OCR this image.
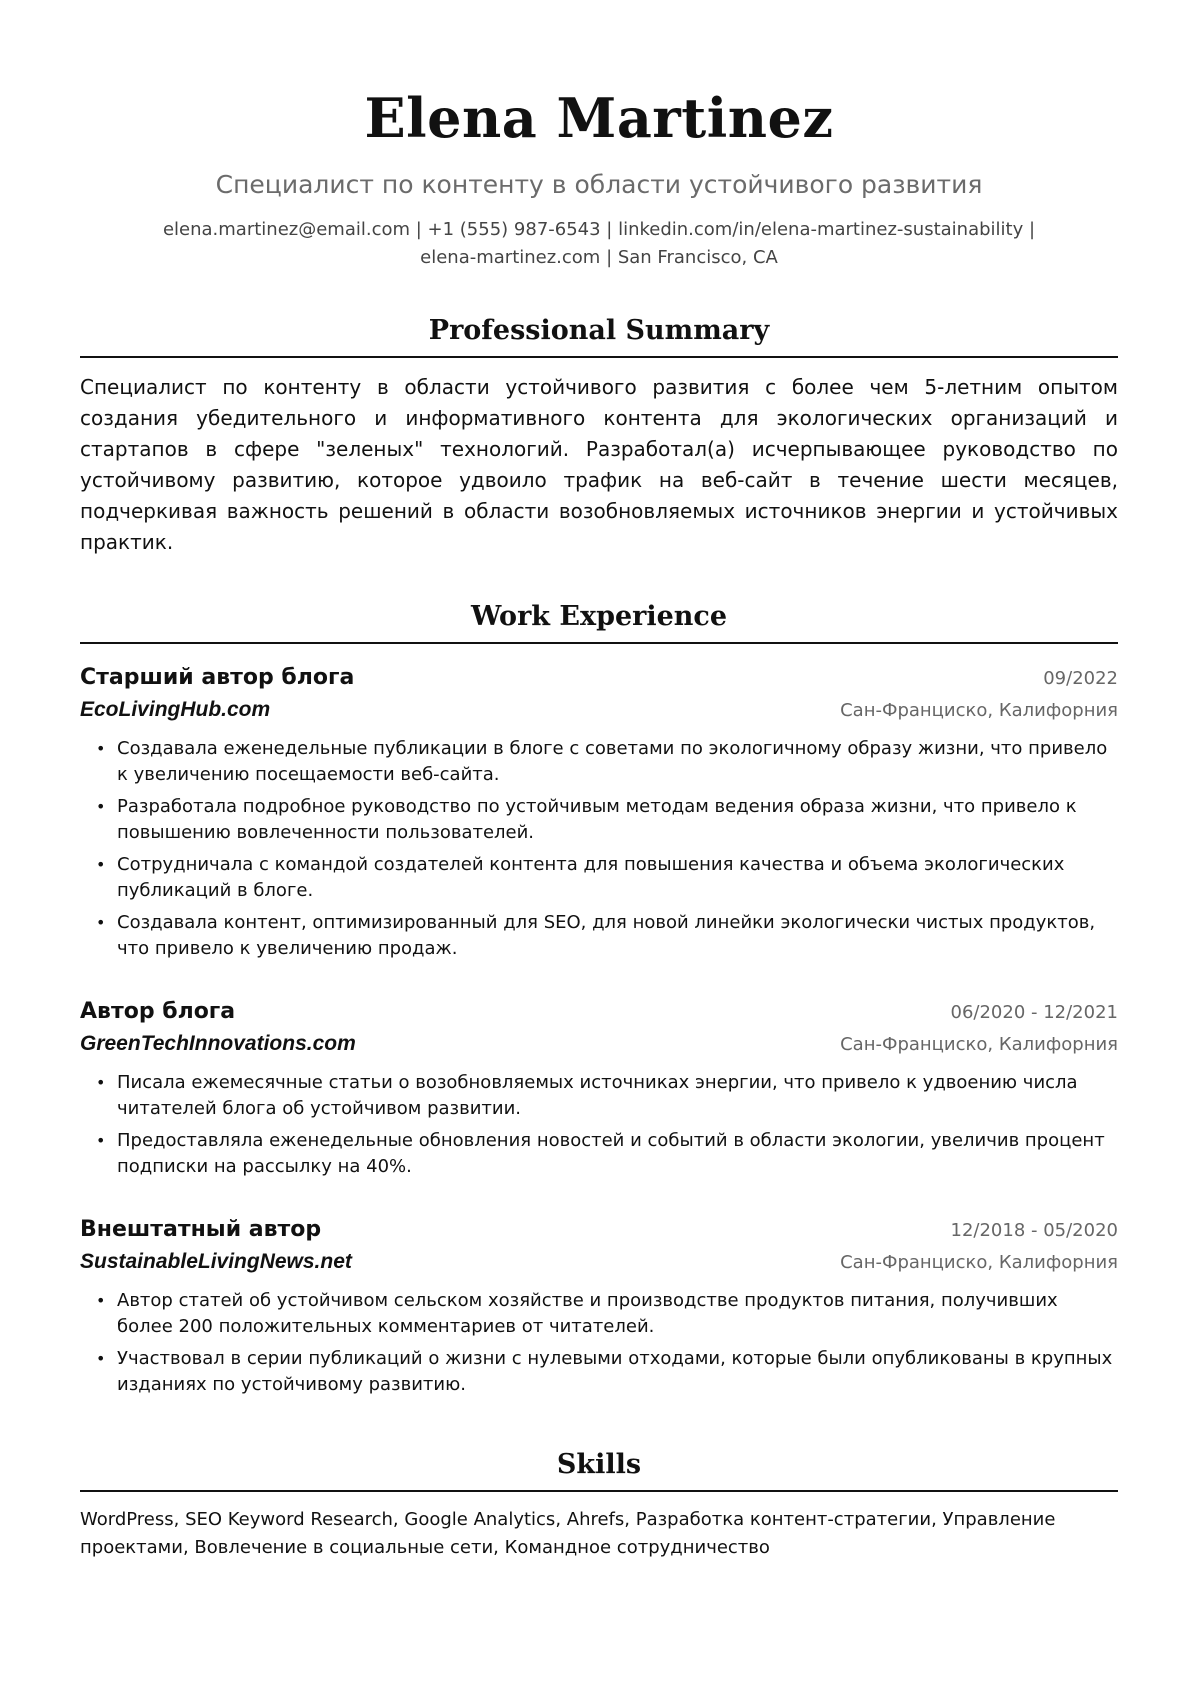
Elena Martinez
Специалист по контенту в области устойчивого развития
elena.martinez@email.com | +1 (555) 987-6543 | linkedin.com/in/elena-martinez-sustainability |
elena-martinez.com | San Francisco, CA
Professional Summary
Специалист по контенту в области устойчивого развития с более чем 5-летним опытом создания убедительного и информативного контента для экологических организаций и стартапов в сфере "зеленых" технологий. Разработал(а) исчерпывающее руководство по устойчивому развитию, которое удвоило трафик на веб-сайт в течение шести месяцев, подчеркивая важность решений в области возобновляемых источников энергии и устойчивых практик.
Work Experience
Старший автор блога	09/2022
EcoLivingHub.com	Сан-Франциско, Калифорния
• Создавала еженедельные публикации в блоге с советами по экологичному образу жизни, что привело к увеличению посещаемости веб-сайта.
• Разработала подробное руководство по устойчивым методам ведения образа жизни, что привело к повышению вовлеченности пользователей.
• Сотрудничала с командой создателей контента для повышения качества и объема экологических публикаций в блоге.
• Создавала контент, оптимизированный для SEO, для новой линейки экологически чистых продуктов, что привело к увеличению продаж.
Автор блога	06/2020 - 12/2021
GreenTechInnovations.com	Сан-Франциско, Калифорния
• Писала ежемесячные статьи о возобновляемых источниках энергии, что привело к удвоению числа читателей блога об устойчивом развитии.
• Предоставляла еженедельные обновления новостей и событий в области экологии, увеличив процент подписки на рассылку на 40%.
Внештатный автор	12/2018 - 05/2020
SustainableLivingNews.net	Сан-Франциско, Калифорния
• Автор статей об устойчивом сельском хозяйстве и производстве продуктов питания, получивших более 200 положительных комментариев от читателей.
• Участвовал в серии публикаций о жизни с нулевыми отходами, которые были опубликованы в крупных изданиях по устойчивому развитию.
Skills
WordPress, SEO Keyword Research, Google Analytics, Ahrefs, Разработка контент-стратегии, Управление проектами, Вовлечение в социальные сети, Командное сотрудничество
